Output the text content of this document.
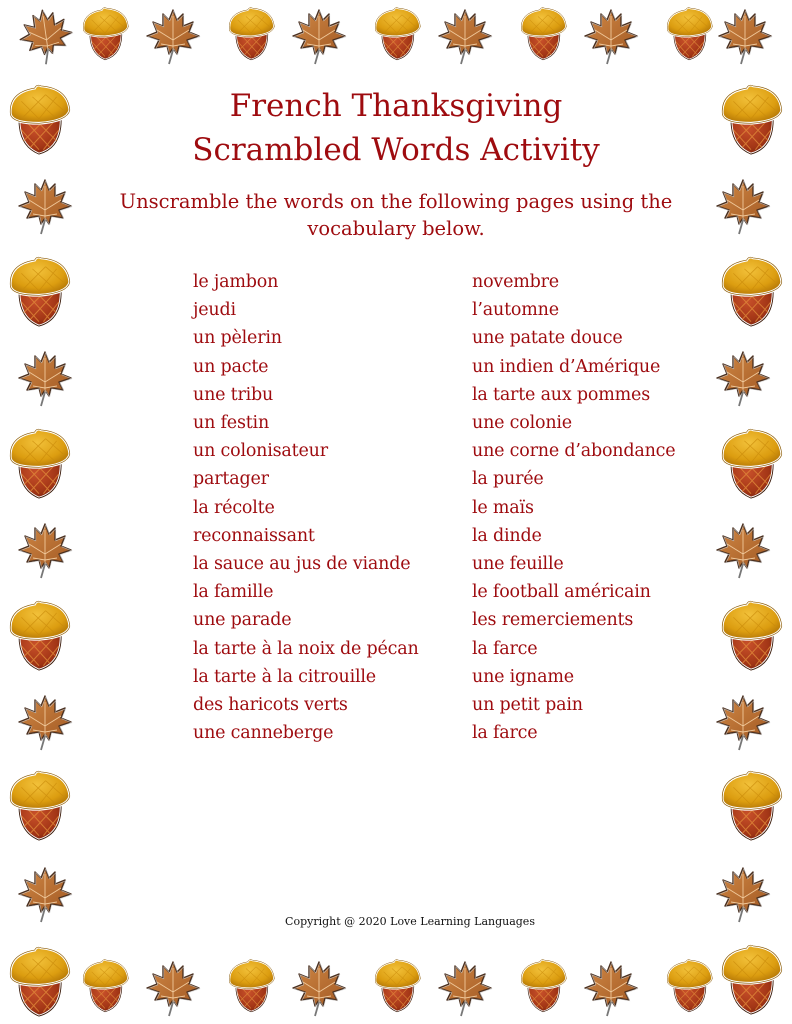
French Thanksgiving
Scrambled Words Activity
Unscramble the words on the following pages using the vocabulary below.
le jambon
jeudi
un pèlerin
un pacte
une tribu
un festin
un colonisateur
partager
la récolte
reconnaissant
la sauce au jus de viande
la famille
une parade
la tarte à la noix de pécan
la tarte à la citrouille
des haricots verts
une canneberge
novembre
l’automne
une patate douce
un indien d’Amérique
la tarte aux pommes
une colonie
une corne d’abondance
la purée
le maïs
la dinde
une feuille
le football américain
les remerciements
la farce
une igname
un petit pain
la farce
Copyright @ 2020 Love Learning Languages
